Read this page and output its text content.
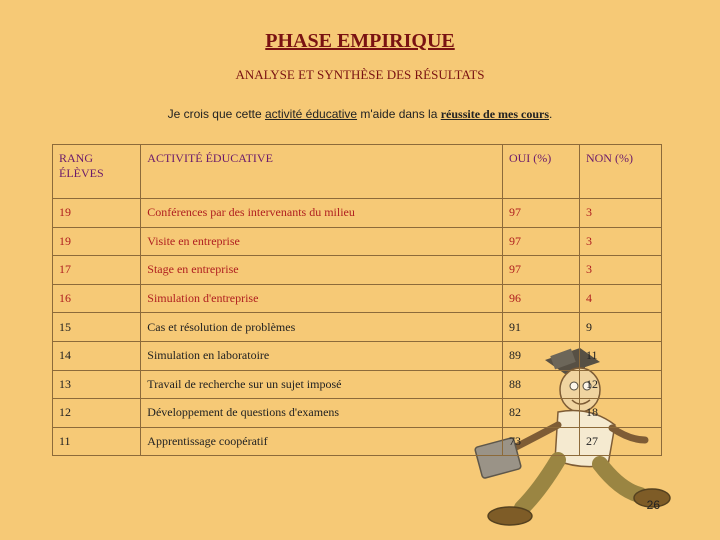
PHASE EMPIRIQUE
ANALYSE ET SYNTHÈSE DES RÉSULTATS
Je crois que cette activité éducative m'aide dans la réussite de mes cours.
RANG ÉLÈVES	ACTIVITÉ ÉDUCATIVE	OUI (%)	NON (%)
19	Conférences par des intervenants du milieu	97	3
19	Visite en entreprise	97	3
17	Stage en entreprise	97	3
16	Simulation d'entreprise	96	4
15	Cas et résolution de problèmes	91	9
14	Simulation en laboratoire	89	11
13	Travail de recherche sur un sujet imposé	88	12
12	Développement de questions d'examens	82	18
11	Apprentissage coopératif	73	27
26
